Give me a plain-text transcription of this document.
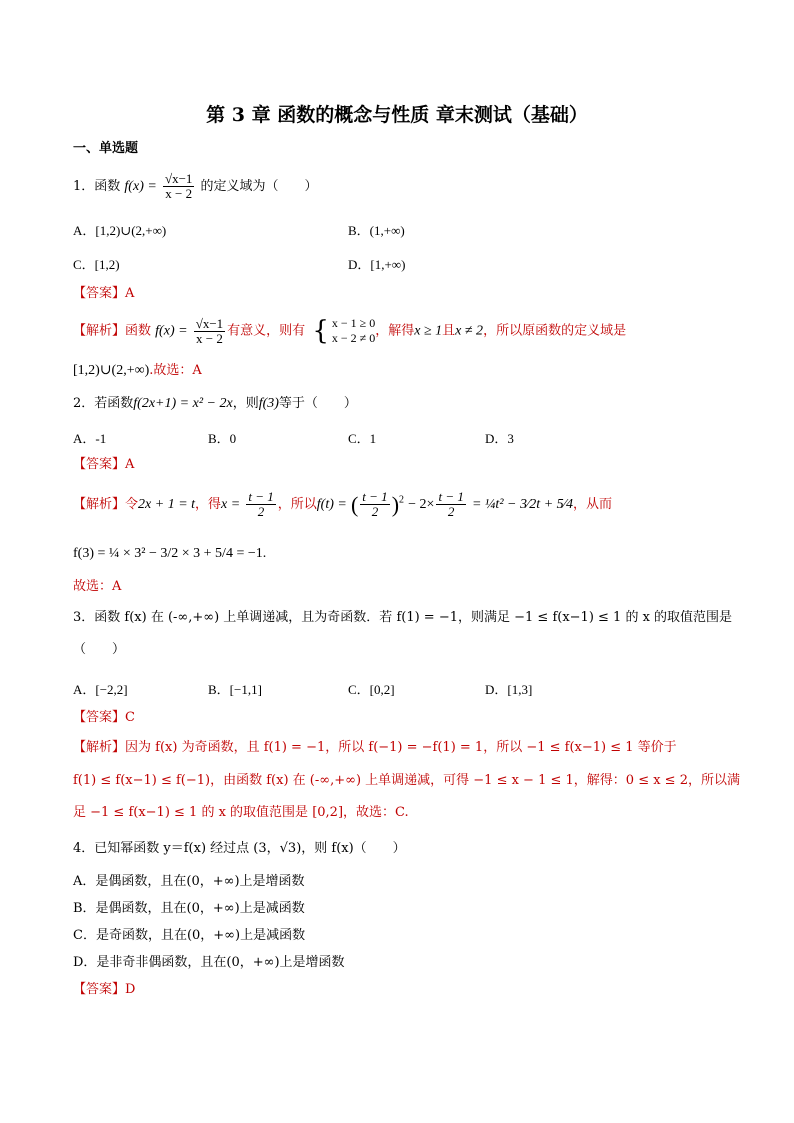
第 3 章 函数的概念与性质 章末测试（基础）
一、单选题
1．函数 $f(x) = \frac{√x-1}{x - 2}$ 的定义域为（　　）
A．[1,2)∪(2,+∞)	B．(1,+∞)
C．[1,2)	D．[1,+∞)
【答案】A
【解析】函数 $f(x) = \frac{√x-1}{x - 2}$ 有意义，则有 { x − 1 ≥ 0
x − 2 ≠ 0 ，解得x ≥ 1且x ≠ 2，所以原函数的定义域是
[1,2)∪(2,+∞).故选：A
2．若函数f(2x+1) = x² − 2x，则f(3)等于（　　）
A．-1	B．0	C．1	D．3
【答案】A
【解析】令2x + 1 = t，得$x = \frac{t - 1}{2}$ ，所以f(t) = ( $\frac{t - 1}{2} )^2 - 2\times \frac{t - 1}{2}$ = ¼t² − 3⁄2t + 5⁄4，从而
f(3) = ¼ × 3² − 3/2 × 3 + 5/4 = −1.
故选：A
3．函数 f(x) 在 (-∞,+∞) 上单调递减，且为奇函数．若 f(1) = −1，则满足 −1 ≤ f(x−1) ≤ 1 的 x 的取值范围是
（　　）
A．[−2,2]	B．[−1,1]	C．[0,2]	D．[1,3]
【答案】C
【解析】因为 f(x) 为奇函数，且 f(1) = −1，所以 f(−1) = −f(1) = 1，所以 −1 ≤ f(x−1) ≤ 1 等价于
f(1) ≤ f(x−1) ≤ f(−1)，由函数 f(x) 在 (-∞,+∞) 上单调递减，可得 −1 ≤ x − 1 ≤ 1，解得：0 ≤ x ≤ 2，所以满
足 −1 ≤ f(x−1) ≤ 1 的 x 的取值范围是 [0,2]，故选：C.
4．已知幂函数 y＝f(x) 经过点 (3，√3)，则 f(x)（　　）
A．是偶函数，且在(0，+∞)上是增函数
B．是偶函数，且在(0，+∞)上是减函数
C．是奇函数，且在(0，+∞)上是减函数
D．是非奇非偶函数，且在(0，+∞)上是增函数
【答案】D
